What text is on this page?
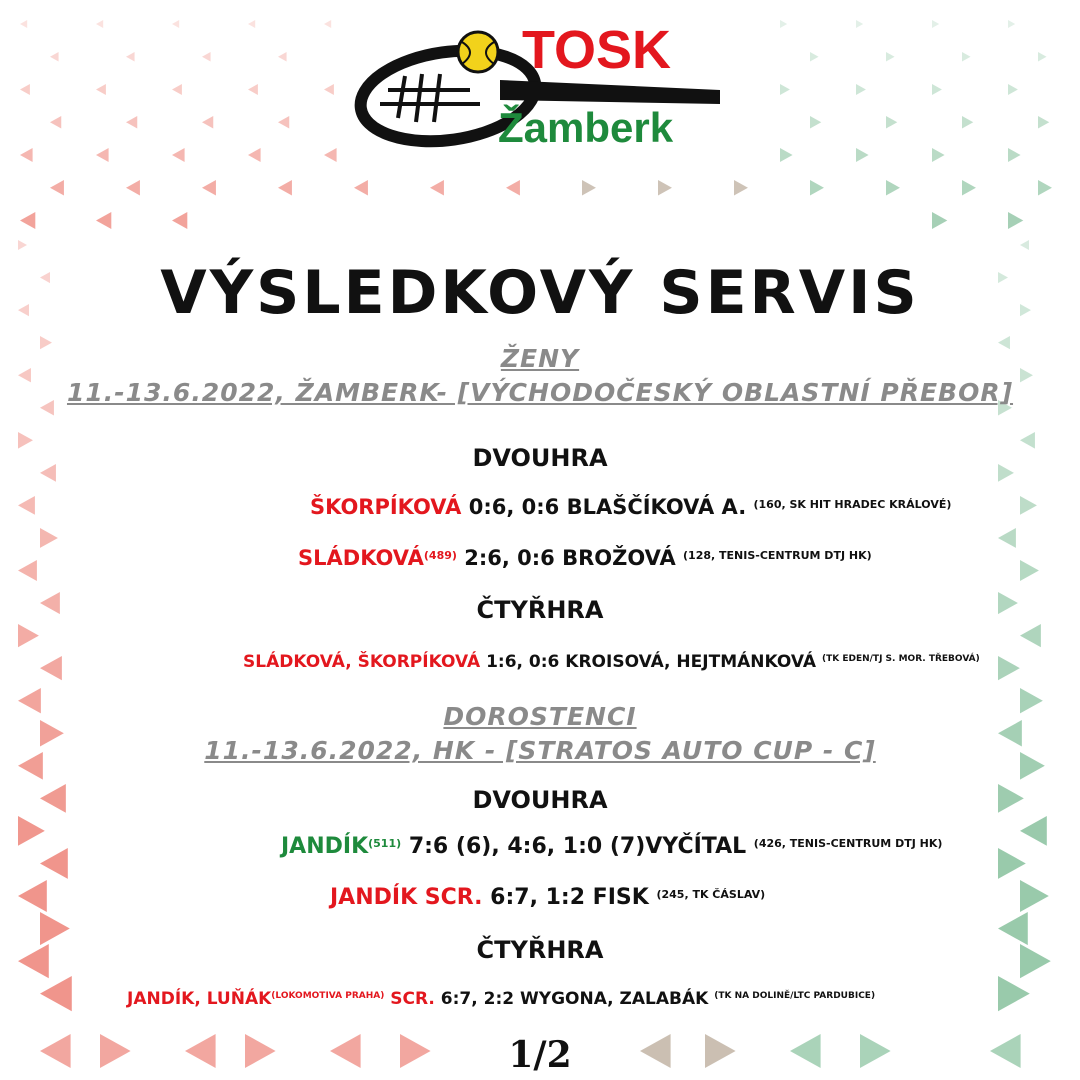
TOSK
Žamberk
VÝSLEDKOVÝ SERVIS
ŽENY
11.-13.6.2022, ŽAMBERK- [VÝCHODOČESKÝ OBLASTNÍ PŘEBOR]
DVOUHRA
ŠKORPÍKOVÁ 0:6, 0:6 BLAŠČÍKOVÁ A. $^{(160, SK HIT HRADEC KRÁLOVÉ)}$
SLÁDKOVÁ$^{(489)}$ 2:6, 0:6 BROŽOVÁ $^{(128, TENIS-CENTRUM DTJ HK)}$
ČTYŘHRA
SLÁDKOVÁ, ŠKORPÍKOVÁ 1:6, 0:6 KROISOVÁ, HEJTMÁNKOVÁ $^{(TK EDEN/TJ S. MOR. TŘEBOVÁ)}$
DOROSTENCI
11.-13.6.2022, HK - [STRATOS AUTO CUP - C]
DVOUHRA
JANDÍK$^{(511)}$ 7:6 (6), 4:6, 1:0 (7)VYČÍTAL $^{(426, TENIS-CENTRUM DTJ HK)}$
JANDÍK SCR. 6:7, 1:2 FISK $^{(245, TK ČÁSLAV)}$
ČTYŘHRA
JANDÍK, $LUŇÁK^{(LOKOMOTIVA PRAHA)}$ SCR. 6:7, 2:2 WYGONA, ZALABÁK $^{(TK NA DOLINĚ/LTC PARDUBICE)}$
1/2
